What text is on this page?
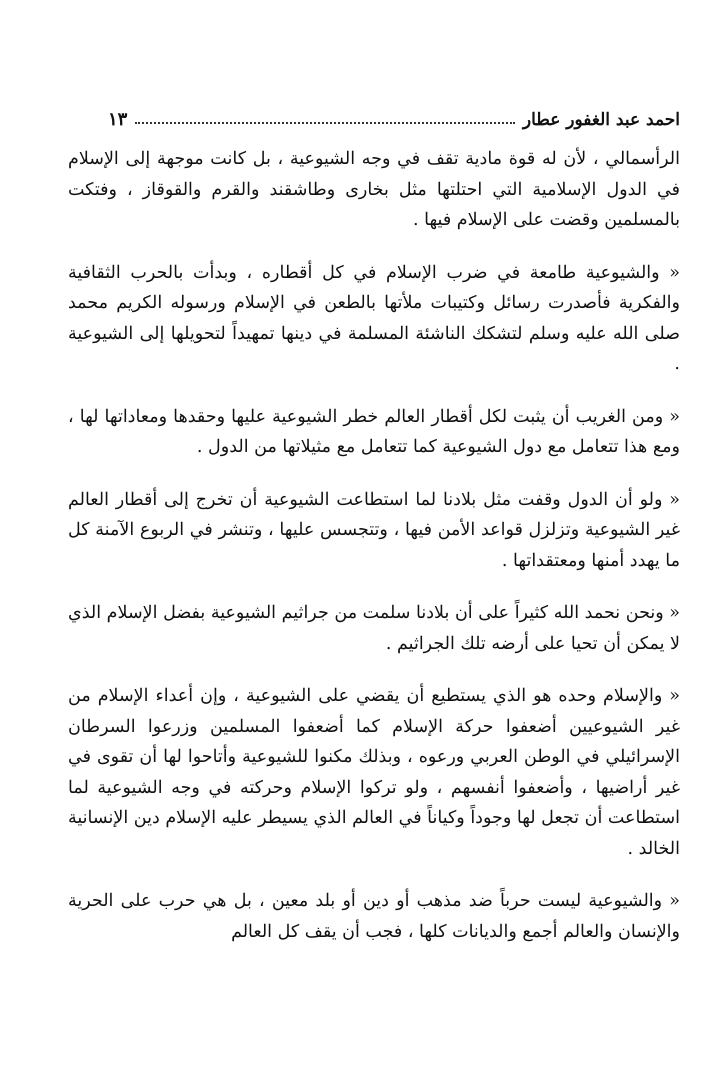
احمد عبد الغفور عطار
١٣

الرأسمالي ، لأن له قوة مادية تقف في وجه الشيوعية ، بل كانت موجهة إلى الإسلام في الدول الإسلامية التي احتلتها مثل بخارى وطاشقند والقرم والقوقاز ، وفتكت بالمسلمين وقضت على الإسلام فيها .

« والشيوعية طامعة في ضرب الإسلام في كل أقطاره ، وبدأت بالحرب الثقافية والفكرية فأصدرت رسائل وكتيبات ملأتها بالطعن في الإسلام ورسوله الكريم محمد صلى الله عليه وسلم لتشكك الناشئة المسلمة في دينها تمهيداً لتحويلها إلى الشيوعية .

« ومن الغريب أن يثبت لكل أقطار العالم خطر الشيوعية عليها وحقدها ومعاداتها لها ، ومع هذا تتعامل مع دول الشيوعية كما تتعامل مع مثيلاتها من الدول .

« ولو أن الدول وقفت مثل بلادنا لما استطاعت الشيوعية أن تخرج إلى أقطار العالم غير الشيوعية وتزلزل قواعد الأمن فيها ، وتتجسس عليها ، وتنشر في الربوع الآمنة كل ما يهدد أمنها ومعتقداتها .

« ونحن نحمد الله كثيراً على أن بلادنا سلمت من جراثيم الشيوعية بفضل الإسلام الذي لا يمكن أن تحيا على أرضه تلك الجراثيم .

« والإسلام وحده هو الذي يستطيع أن يقضي على الشيوعية ، وإن أعداء الإسلام من غير الشيوعيين أضعفوا حركة الإسلام كما أضعفوا المسلمين وزرعوا السرطان الإسرائيلي في الوطن العربي ورعوه ، وبذلك مكنوا للشيوعية وأتاحوا لها أن تقوى في غير أراضيها ، وأضعفوا أنفسهم ، ولو تركوا الإسلام وحركته في وجه الشيوعية لما استطاعت أن تجعل لها وجوداً وكياناً في العالم الذي يسيطر عليه الإسلام دين الإنسانية الخالد .

« والشيوعية ليست حرباً ضد مذهب أو دين أو بلد معين ، بل هي حرب على الحرية والإنسان والعالم أجمع والديانات كلها ، فجب أن يقف كل العالم
